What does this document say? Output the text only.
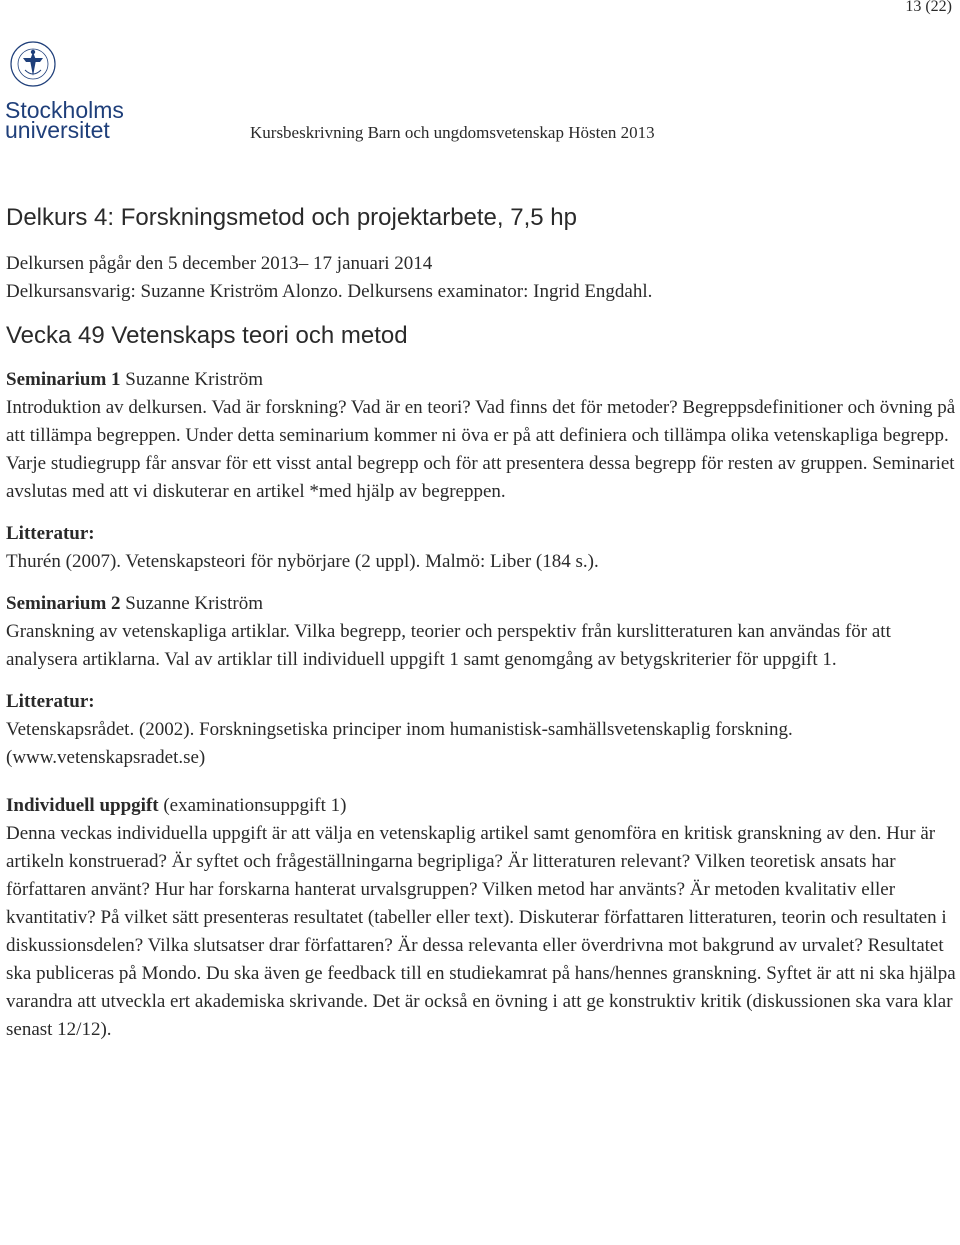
13 (22)
Stockholms
universitet	Kursbeskrivning Barn och ungdomsvetenskap Hösten 2013
Delkurs 4: Forskningsmetod och projektarbete, 7,5 hp

Delkursen pågår den 5 december 2013– 17 januari 2014

Delkursansvarig: Suzanne Kriström Alonzo. Delkursens examinator: Ingrid Engdahl.

Vecka 49 Vetenskaps teori och metod

Seminarium 1 Suzanne Kriström

Introduktion av delkursen. Vad är forskning? Vad är en teori? Vad finns det för metoder? Begreppsdefinitioner och övning på att tillämpa begreppen. Under detta seminarium kommer ni öva er på att definiera och tillämpa olika vetenskapliga begrepp. Varje studiegrupp får ansvar för ett visst antal begrepp och för att presentera dessa begrepp för resten av gruppen. Seminariet avslutas med att vi diskuterar en artikel *med hjälp av begreppen.

Litteratur:

Thurén (2007). Vetenskapsteori för nybörjare (2 uppl). Malmö: Liber (184 s.).

Seminarium 2 Suzanne Kriström

Granskning av vetenskapliga artiklar. Vilka begrepp, teorier och perspektiv från kurslitteraturen kan användas för att analysera artiklarna. Val av artiklar till individuell uppgift 1 samt genomgång av betygskriterier för uppgift 1.

Litteratur:

Vetenskapsrådet. (2002). Forskningsetiska principer inom humanistisk-samhällsvetenskaplig forskning.(www.vetenskapsradet.se)

Individuell uppgift (examinationsuppgift 1)

Denna veckas individuella uppgift är att välja en vetenskaplig artikel samt genomföra en kritisk granskning av den. Hur är artikeln konstruerad? Är syftet och frågeställningarna begripliga? Är litteraturen relevant? Vilken teoretisk ansats har författaren använt? Hur har forskarna hanterat urvalsgruppen? Vilken metod har använts? Är metoden kvalitativ eller kvantitativ? På vilket sätt presenteras resultatet (tabeller eller text). Diskuterar författaren litteraturen, teorin och resultaten i diskussionsdelen? Vilka slutsatser drar författaren? Är dessa relevanta eller överdrivna mot bakgrund av urvalet? Resultatet ska publiceras på Mondo. Du ska även ge feedback till en studiekamrat på hans/hennes granskning. Syftet är att ni ska hjälpa varandra att utveckla ert akademiska skrivande. Det är också en övning i att ge konstruktiv kritik (diskussionen ska vara klar senast 12/12).
